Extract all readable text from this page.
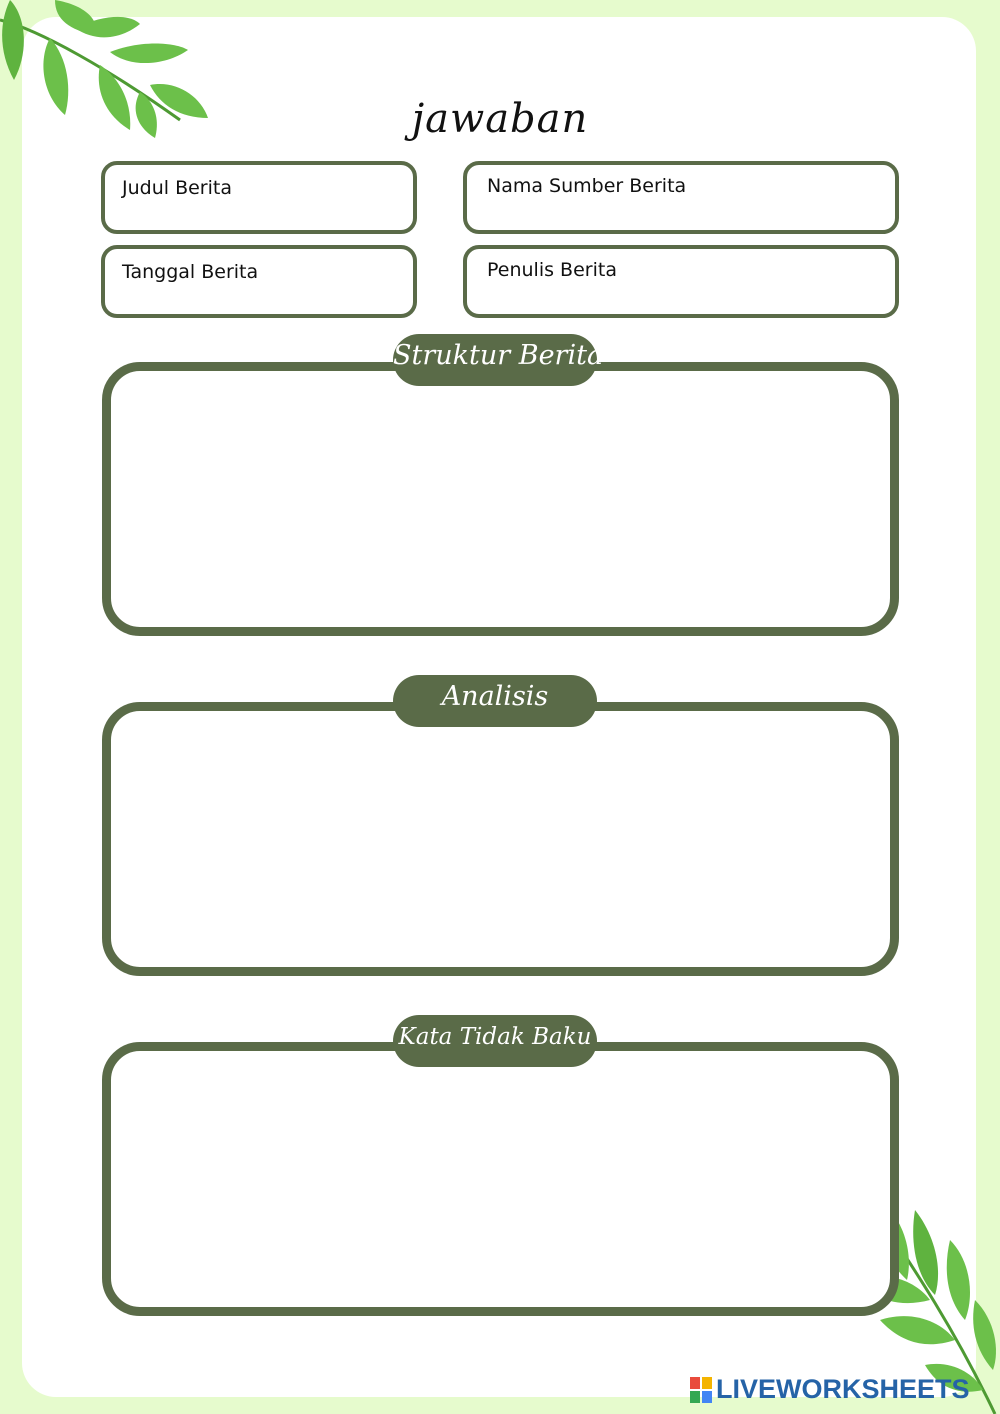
jawaban
Judul Berita	Nama Sumber Berita
Tanggal Berita	Penulis Berita
Struktur Berita
Analisis
Kata Tidak Baku
LIVEWORKSHEETS
